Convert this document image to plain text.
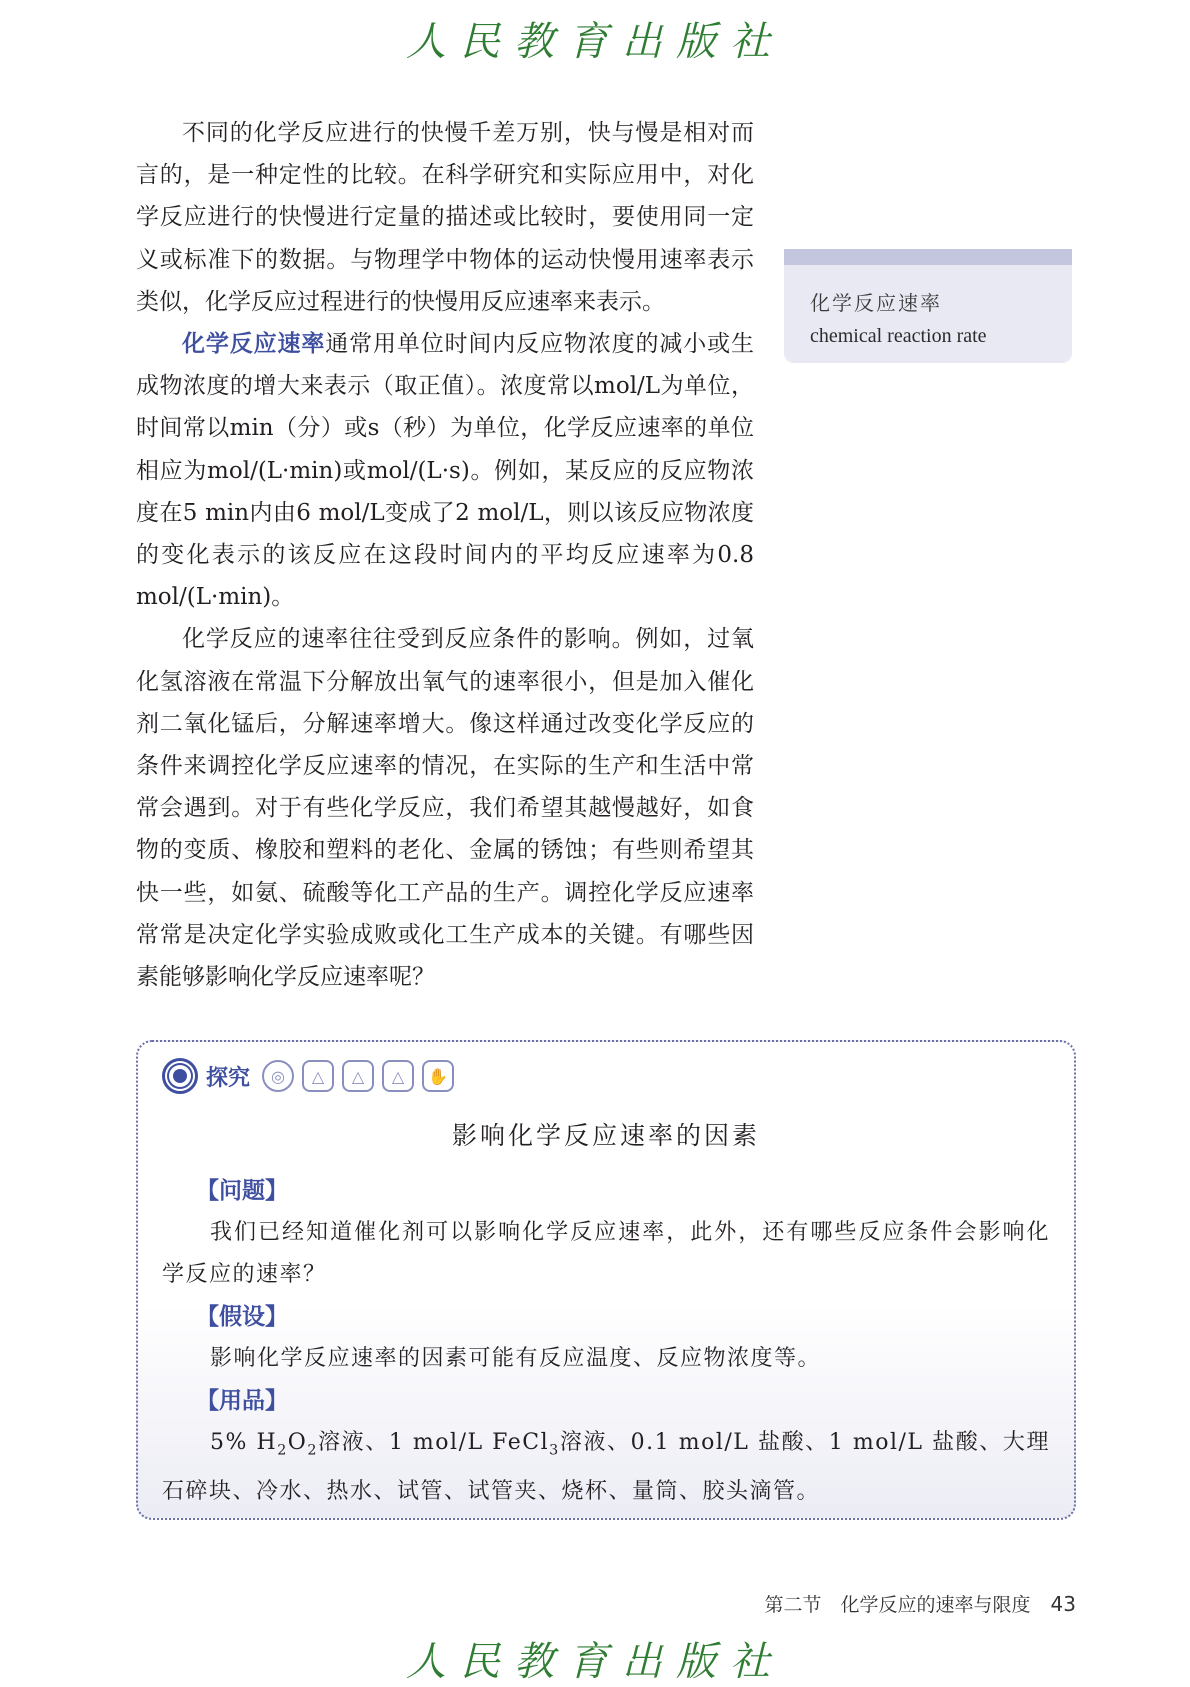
人民教育出版社

不同的化学反应进行的快慢千差万别，快与慢是相对而言的，是一种定性的比较。在科学研究和实际应用中，对化学反应进行的快慢进行定量的描述或比较时，要使用同一定义或标准下的数据。与物理学中物体的运动快慢用速率表示类似，化学反应过程进行的快慢用反应速率来表示。

化学反应速率通常用单位时间内反应物浓度的减小或生成物浓度的增大来表示（取正值）。浓度常以mol/L为单位，时间常以min（分）或s（秒）为单位，化学反应速率的单位相应为mol/(L·min)或mol/(L·s)。例如，某反应的反应物浓度在5 min内由6 mol/L变成了2 mol/L，则以该反应物浓度的变化表示的该反应在这段时间内的平均反应速率为0.8 mol/(L·min)。

化学反应的速率往往受到反应条件的影响。例如，过氧化氢溶液在常温下分解放出氧气的速率很小，但是加入催化剂二氧化锰后，分解速率增大。像这样通过改变化学反应的条件来调控化学反应速率的情况，在实际的生产和生活中常常会遇到。对于有些化学反应，我们希望其越慢越好，如食物的变质、橡胶和塑料的老化、金属的锈蚀；有些则希望其快一些，如氨、硫酸等化工产品的生产。调控化学反应速率常常是决定化学实验成败或化工生产成本的关键。有哪些因素能够影响化学反应速率呢？

化学反应速率
chemical reaction rate
探究	◎	△	△	△	✋
影响化学反应速率的因素
【问题】

我们已经知道催化剂可以影响化学反应速率，此外，还有哪些反应条件会影响化学反应的速率？

【假设】

影响化学反应速率的因素可能有反应温度、反应物浓度等。

【用品】

5% $H_2O_2$溶液、1 mol/L FeCl$_3$溶液、0.1 mol/L 盐酸、1 mol/L 盐酸、大理石碎块、冷水、热水、试管、试管夹、烧杯、量筒、胶头滴管。

第二节　化学反应的速率与限度 43
人民教育出版社
